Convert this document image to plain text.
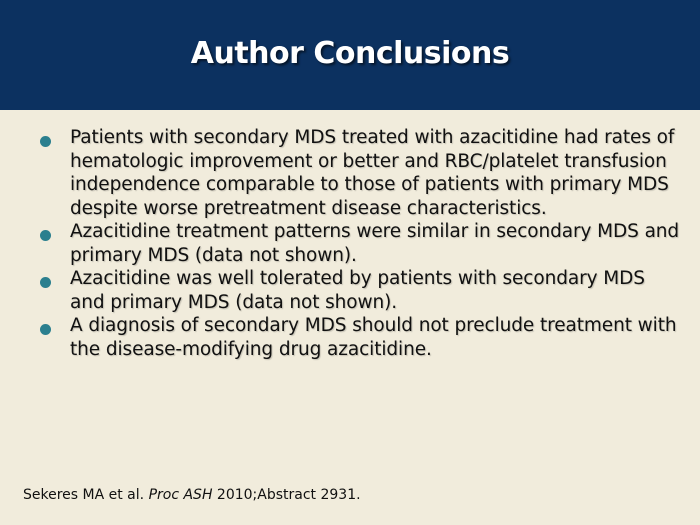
Author Conclusions
Patients with secondary MDS treated with azacitidine had rates of hematologic improvement or better and RBC/platelet transfusion independence comparable to those of patients with primary MDS despite worse pretreatment disease characteristics.
Azacitidine treatment patterns were similar in secondary MDS and primary MDS (data not shown).
Azacitidine was well tolerated by patients with secondary MDS and primary MDS (data not shown).
A diagnosis of secondary MDS should not preclude treatment with the disease-modifying drug azacitidine.
Sekeres MA et al. Proc ASH 2010;Abstract 2931.
